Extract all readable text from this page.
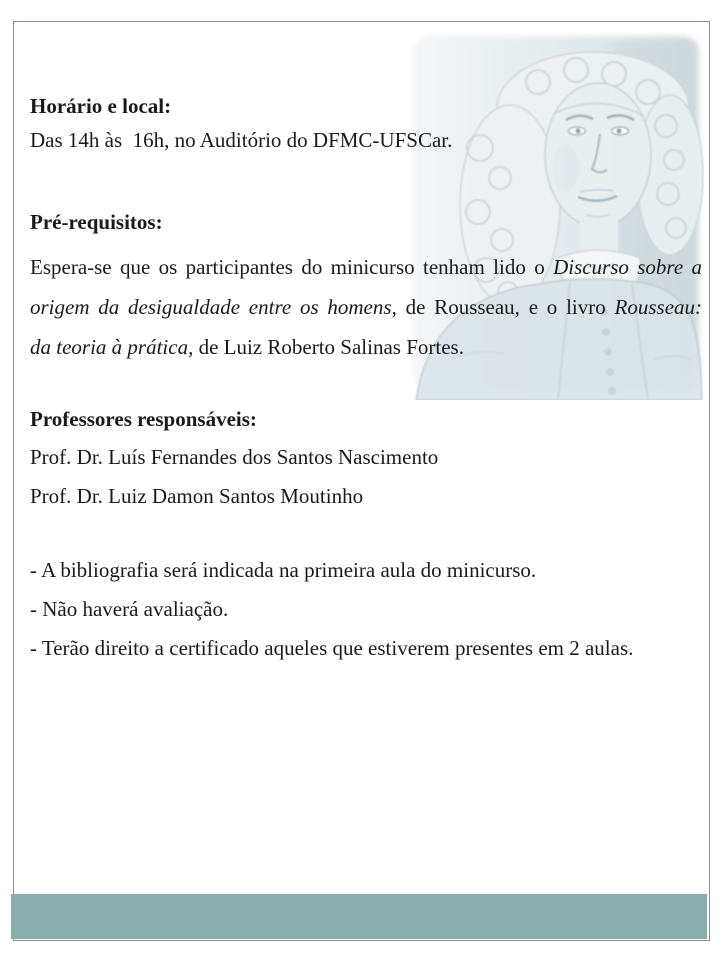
Horário e local:
Das 14h às  16h, no Auditório do DFMC-UFSCar.
Pré-requisitos:
Espera-se que os participantes do minicurso tenham lido o Discurso sobre a
origem da desigualdade entre os homens, de Rousseau, e o livro Rousseau:
da teoria à prática, de Luiz Roberto Salinas Fortes.
Professores responsáveis:
Prof. Dr. Luís Fernandes dos Santos Nascimento
Prof. Dr. Luiz Damon Santos Moutinho
- A bibliografia será indicada na primeira aula do minicurso.
- Não haverá avaliação.
- Terão direito a certificado aqueles que estiverem presentes em 2 aulas.
